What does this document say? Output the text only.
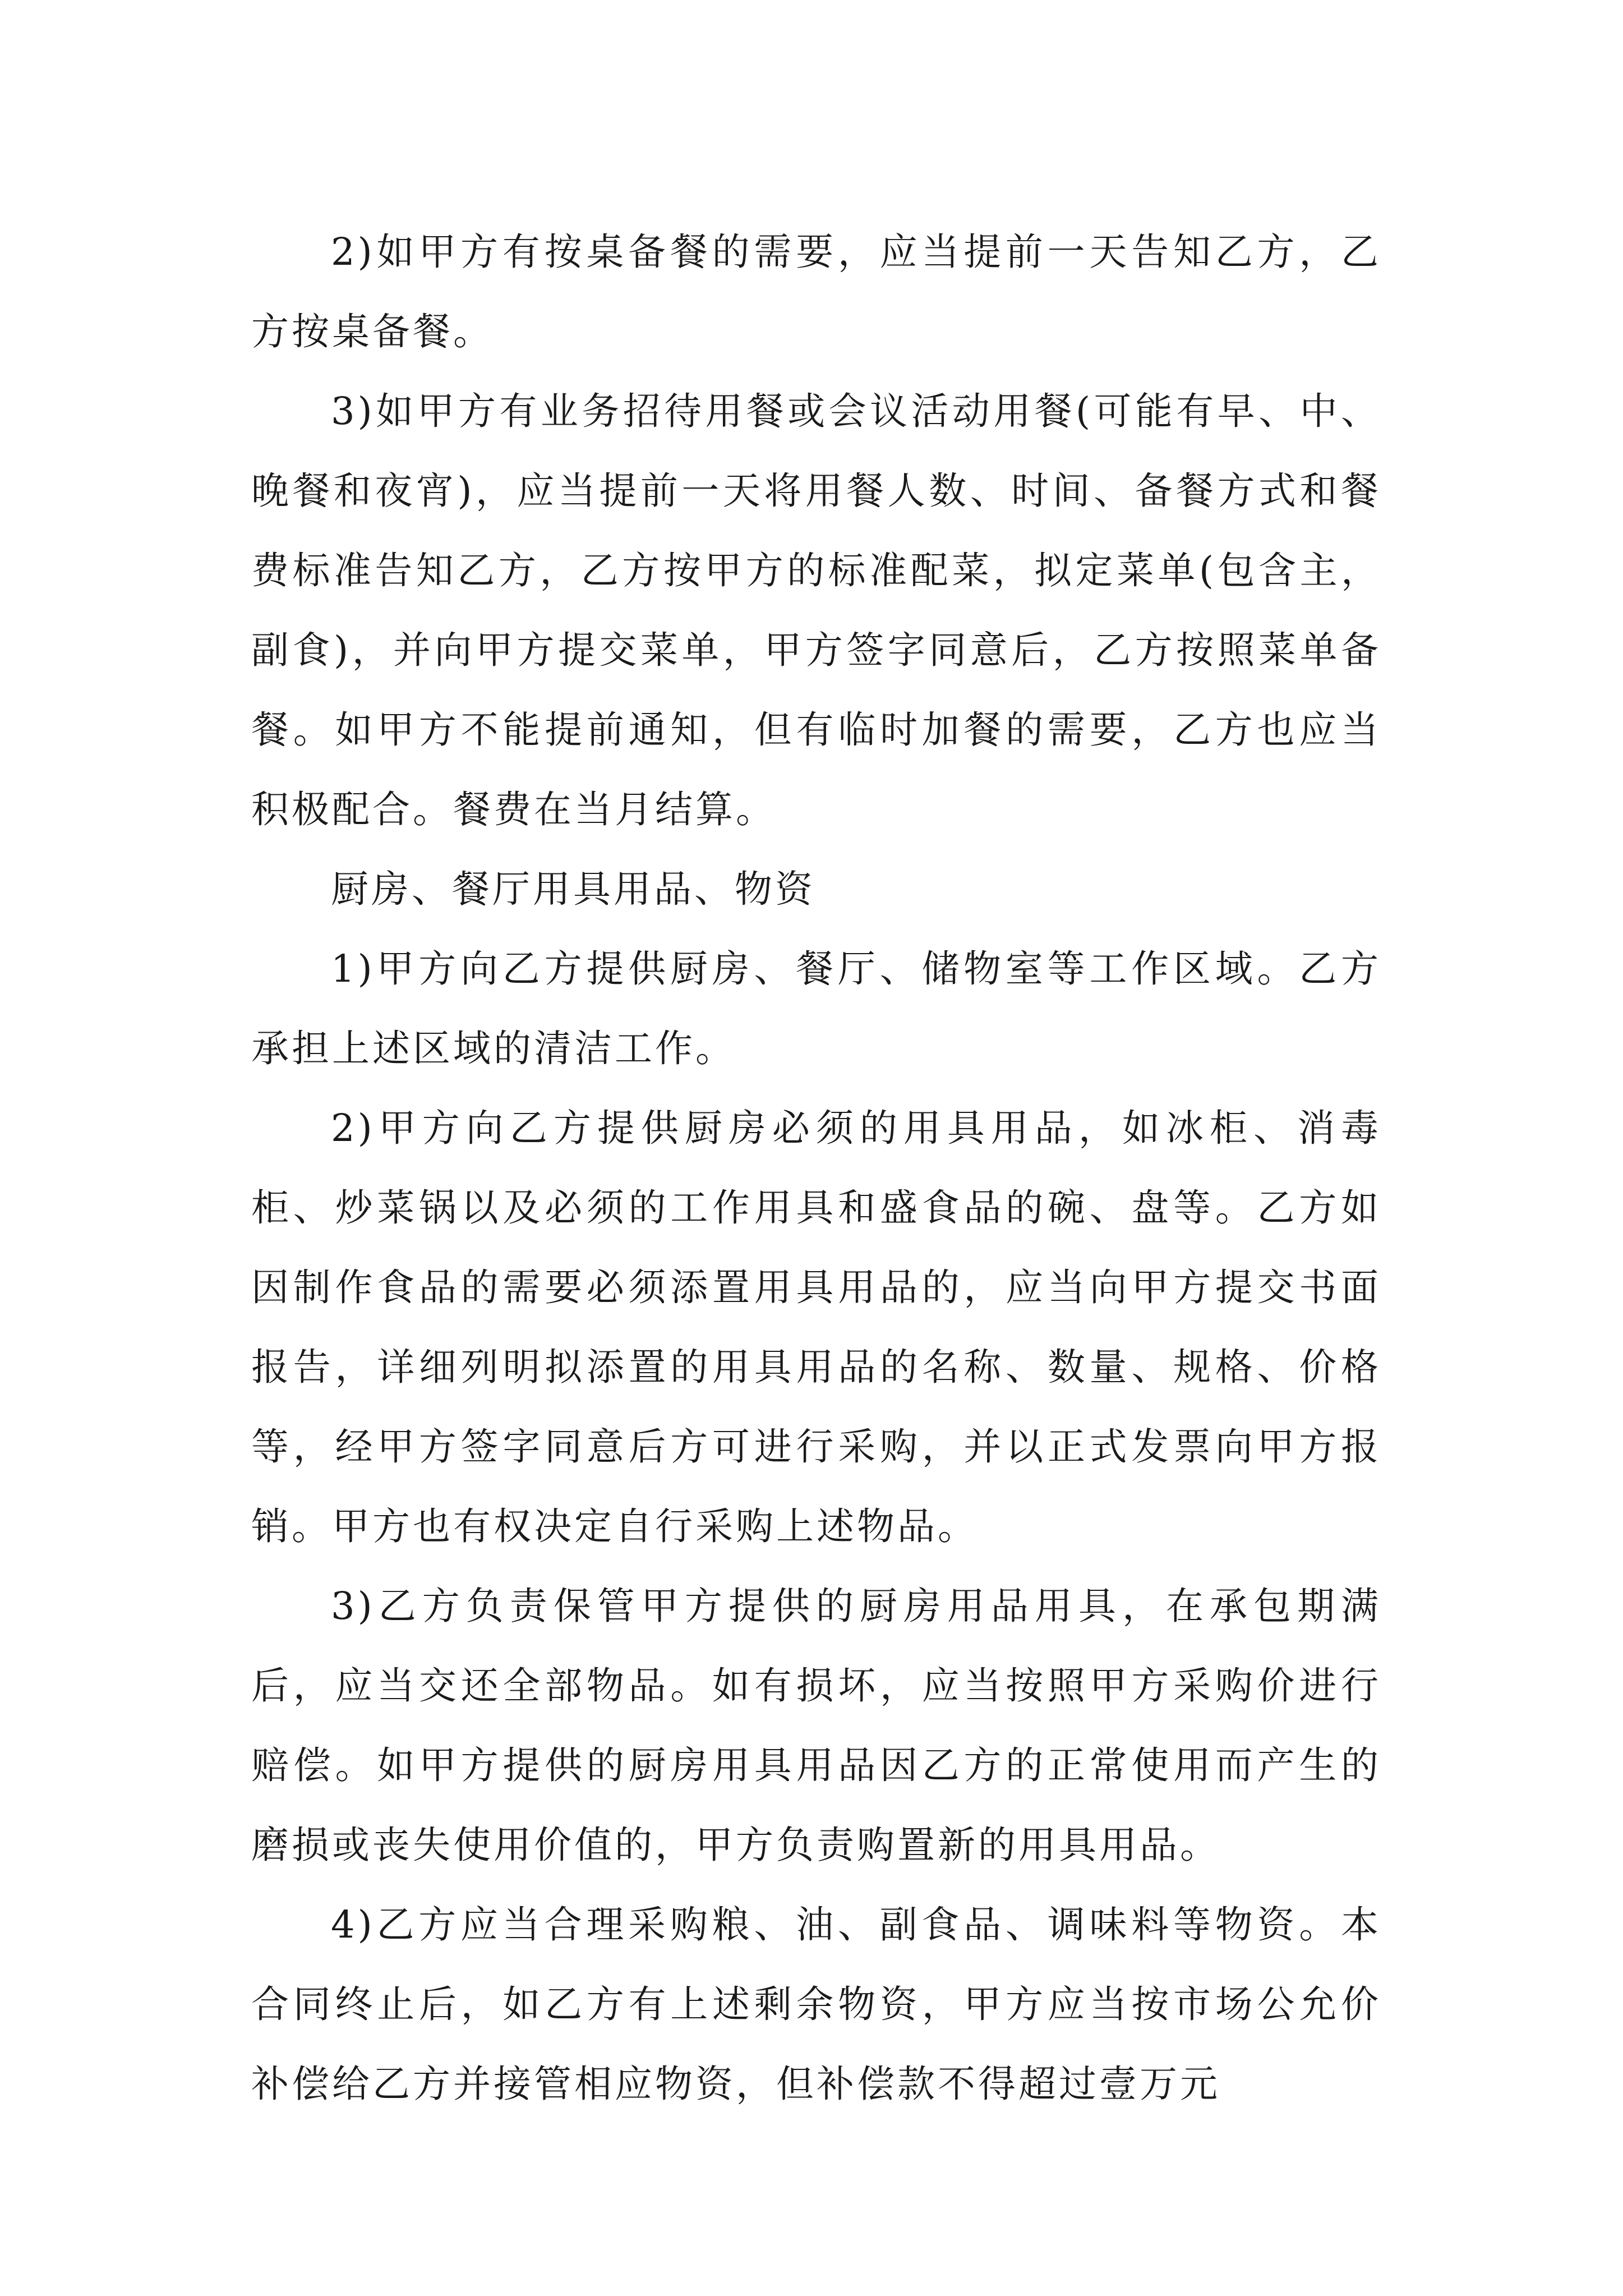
2)如甲方有按桌备餐的需要，应当提前一天告知乙方，乙方按桌备餐。

3)如甲方有业务招待用餐或会议活动用餐(可能有早、中、晚餐和夜宵)，应当提前一天将用餐人数、时间、备餐方式和餐费标准告知乙方，乙方按甲方的标准配菜，拟定菜单(包含主，副食)，并向甲方提交菜单，甲方签字同意后，乙方按照菜单备餐。如甲方不能提前通知，但有临时加餐的需要，乙方也应当积极配合。餐费在当月结算。

厨房、餐厅用具用品、物资

1)甲方向乙方提供厨房、餐厅、储物室等工作区域。乙方承担上述区域的清洁工作。

2)甲方向乙方提供厨房必须的用具用品，如冰柜、消毒柜、炒菜锅以及必须的工作用具和盛食品的碗、盘等。乙方如因制作食品的需要必须添置用具用品的，应当向甲方提交书面报告，详细列明拟添置的用具用品的名称、数量、规格、价格等，经甲方签字同意后方可进行采购，并以正式发票向甲方报销。甲方也有权决定自行采购上述物品。

3)乙方负责保管甲方提供的厨房用品用具，在承包期满后，应当交还全部物品。如有损坏，应当按照甲方采购价进行赔偿。如甲方提供的厨房用具用品因乙方的正常使用而产生的磨损或丧失使用价值的，甲方负责购置新的用具用品。

4)乙方应当合理采购粮、油、副食品、调味料等物资。本合同终止后，如乙方有上述剩余物资，甲方应当按市场公允价补偿给乙方并接管相应物资，但补偿款不得超过壹万元
